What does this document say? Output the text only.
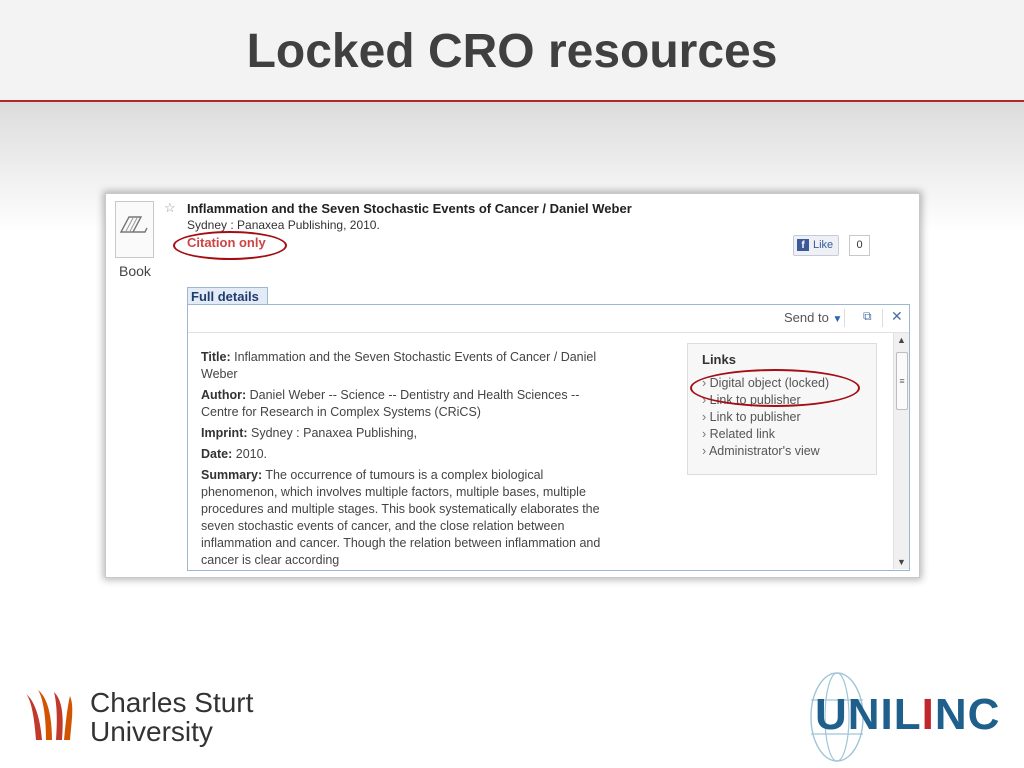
Locked CRO resources
Book
☆ Inflammation and the Seven Stochastic Events of Cancer / Daniel Weber
Sydney : Panaxea Publishing, 2010.
Citation only	f Like	0
Full details
Send to ▼ ⧉ ✕
Title: Inflammation and the Seven Stochastic Events of Cancer / Daniel Weber
Author: Daniel Weber -- Science -- Dentistry and Health Sciences -- Centre for Research in Complex Systems (CRiCS)
Imprint: Sydney : Panaxea Publishing,
Date: 2010.
Summary: The occurrence of tumours is a complex biological phenomenon, which involves multiple factors, multiple bases, multiple procedures and multiple stages. This book systematically elaborates the seven stochastic events of cancer, and the close relation between inflammation and cancer. Though the relation between inflammation and cancer is clear according
Links
› Digital object (locked)
› Link to publisher
› Link to publisher
› Related link
› Administrator's view
▲
≡
▼
Charles Sturt
University	UNILINC
